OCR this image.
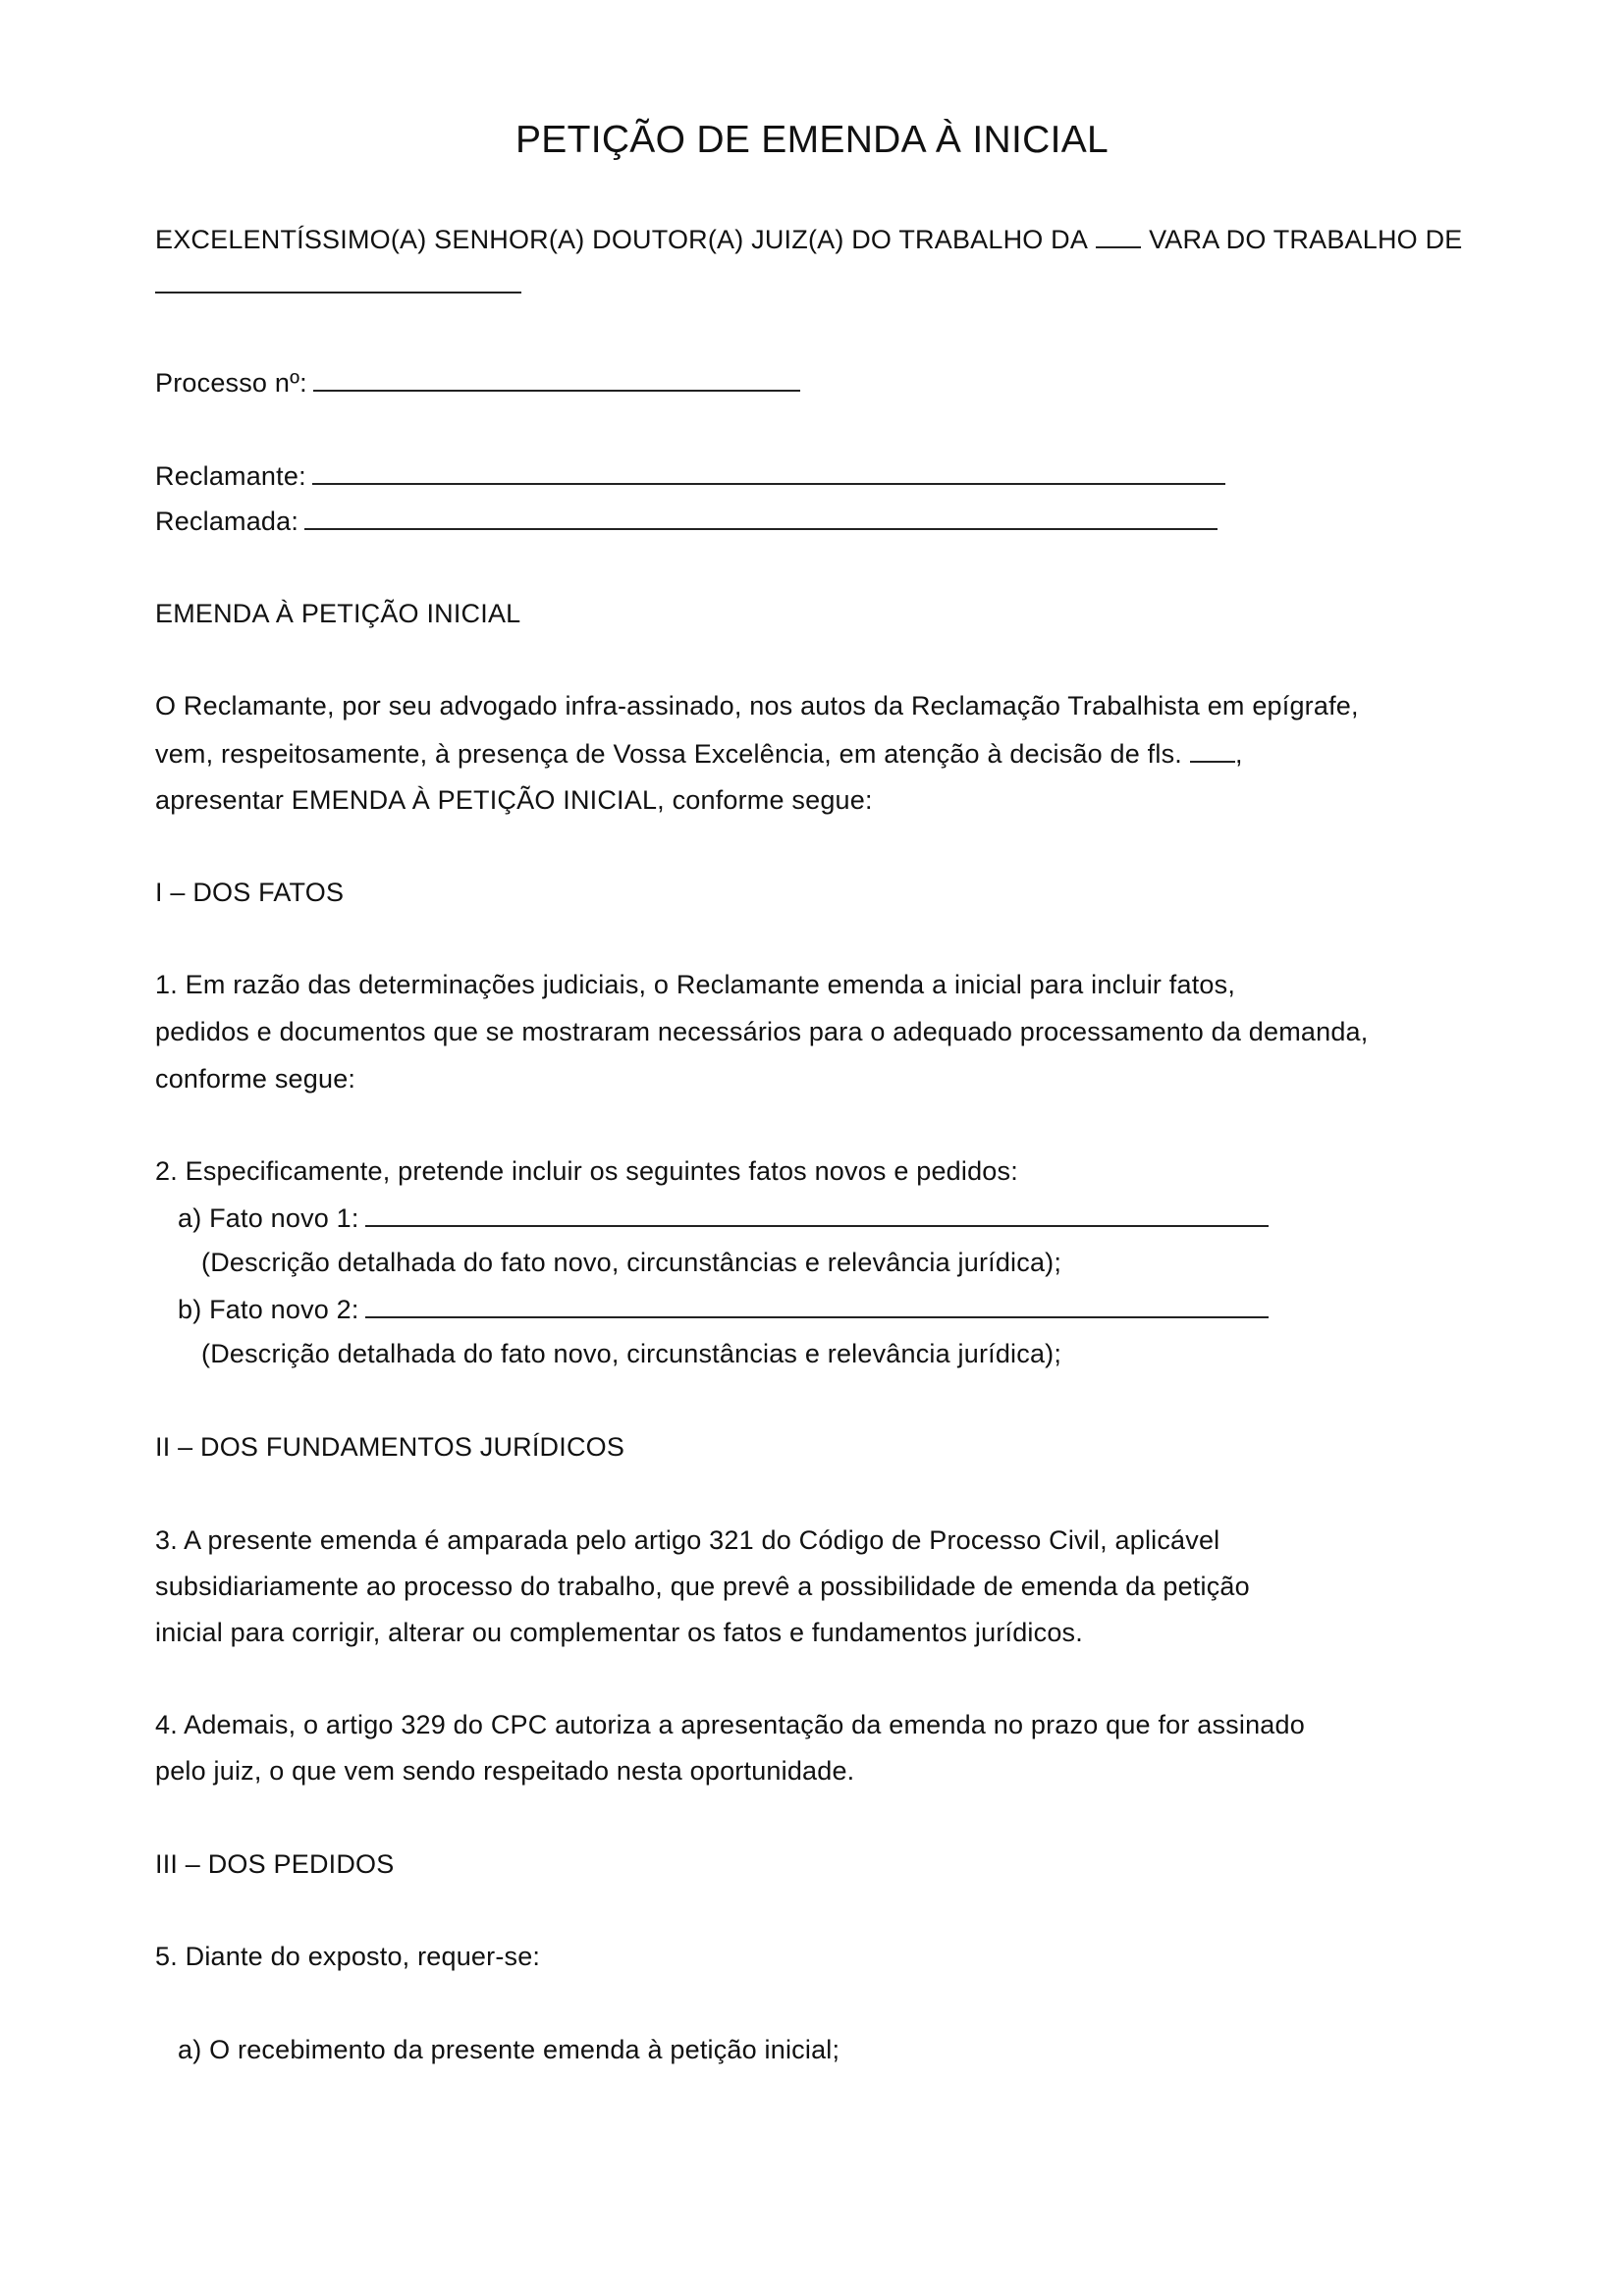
PETIÇÃO DE EMENDA À INICIAL
EXCELENTÍSSIMO(A) SENHOR(A) DOUTOR(A) JUIZ(A) DO TRABALHO DA VARA DO TRABALHO DE
Processo nº:
Reclamante:
Reclamada:
EMENDA À PETIÇÃO INICIAL
O Reclamante, por seu advogado infra-assinado, nos autos da Reclamação Trabalhista em epígrafe,
vem, respeitosamente, à presença de Vossa Excelência, em atenção à decisão de fls. ,
apresentar EMENDA À PETIÇÃO INICIAL, conforme segue:
I – DOS FATOS
1. Em razão das determinações judiciais, o Reclamante emenda a inicial para incluir fatos,
pedidos e documentos que se mostraram necessários para o adequado processamento da demanda,
conforme segue:
2. Especificamente, pretende incluir os seguintes fatos novos e pedidos:
a) Fato novo 1:
(Descrição detalhada do fato novo, circunstâncias e relevância jurídica);
b) Fato novo 2:
(Descrição detalhada do fato novo, circunstâncias e relevância jurídica);
II – DOS FUNDAMENTOS JURÍDICOS
3. A presente emenda é amparada pelo artigo 321 do Código de Processo Civil, aplicável
subsidiariamente ao processo do trabalho, que prevê a possibilidade de emenda da petição
inicial para corrigir, alterar ou complementar os fatos e fundamentos jurídicos.
4. Ademais, o artigo 329 do CPC autoriza a apresentação da emenda no prazo que for assinado
pelo juiz, o que vem sendo respeitado nesta oportunidade.
III – DOS PEDIDOS
5. Diante do exposto, requer-se:
a) O recebimento da presente emenda à petição inicial;
